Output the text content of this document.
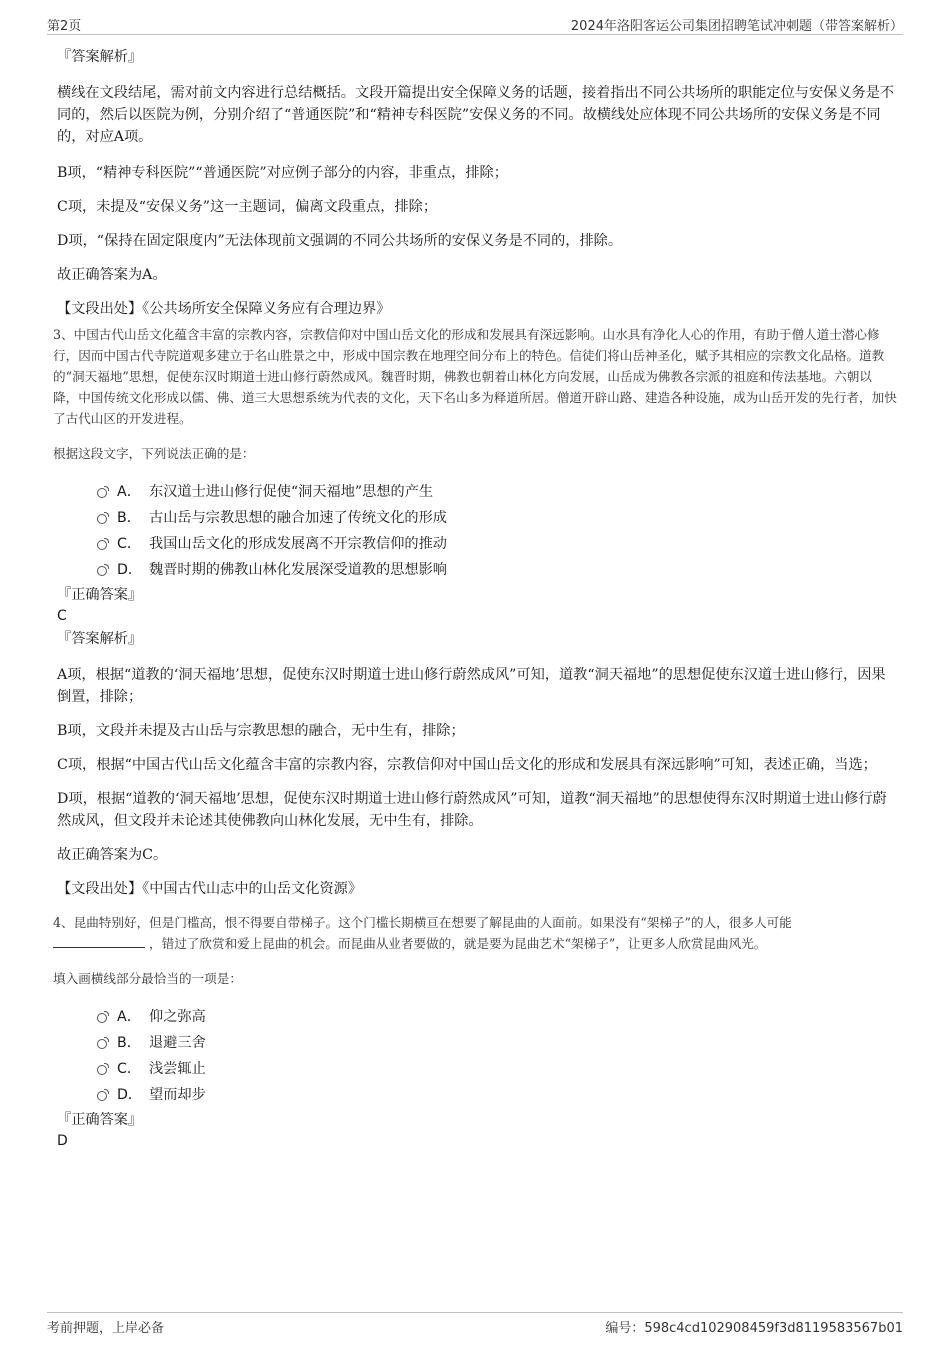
第2页	2024年洛阳客运公司集团招聘笔试冲刺题（带答案解析）
『答案解析』

横线在文段结尾，需对前文内容进行总结概括。文段开篇提出安全保障义务的话题，接着指出不同公共场所的职能定位与安保义务是不同的，然后以医院为例，分别介绍了“普通医院”和“精神专科医院”安保义务的不同。故横线处应体现不同公共场所的安保义务是不同的，对应A项。

B项，“精神专科医院”“普通医院”对应例子部分的内容，非重点，排除；

C项，未提及“安保义务”这一主题词，偏离文段重点，排除；

D项，“保持在固定限度内”无法体现前文强调的不同公共场所的安保义务是不同的，排除。

故正确答案为A。

【文段出处】《公共场所安全保障义务应有合理边界》

3、中国古代山岳文化蕴含丰富的宗教内容，宗教信仰对中国山岳文化的形成和发展具有深远影响。山水具有净化人心的作用，有助于僧人道士潜心修行，因而中国古代寺院道观多建立于名山胜景之中，形成中国宗教在地理空间分布上的特色。信徒们将山岳神圣化，赋予其相应的宗教文化品格。道教的“洞天福地”思想，促使东汉时期道士进山修行蔚然成风。魏晋时期，佛教也朝着山林化方向发展，山岳成为佛教各宗派的祖庭和传法基地。六朝以降，中国传统文化形成以儒、佛、道三大思想系统为代表的文化，天下名山多为释道所居。僧道开辟山路、建造各种设施，成为山岳开发的先行者，加快了古代山区的开发进程。

根据这段文字，下列说法正确的是：

A． 东汉道士进山修行促使“洞天福地”思想的产生
B． 古山岳与宗教思想的融合加速了传统文化的形成
C． 我国山岳文化的形成发展离不开宗教信仰的推动
D． 魏晋时期的佛教山林化发展深受道教的思想影响
『正确答案』

C

『答案解析』

A项，根据“道教的‘洞天福地’思想，促使东汉时期道士进山修行蔚然成风”可知，道教“洞天福地”的思想促使东汉道士进山修行，因果倒置，排除；

B项，文段并未提及古山岳与宗教思想的融合，无中生有，排除；

C项，根据“中国古代山岳文化蕴含丰富的宗教内容，宗教信仰对中国山岳文化的形成和发展具有深远影响”可知，表述正确，当选；

D项，根据“道教的‘洞天福地’思想，促使东汉时期道士进山修行蔚然成风”可知，道教“洞天福地”的思想使得东汉时期道士进山修行蔚然成风，但文段并未论述其使佛教向山林化发展，无中生有，排除。

故正确答案为C。

【文段出处】《中国古代山志中的山岳文化资源》

4、昆曲特别好，但是门槛高，恨不得要自带梯子。这个门槛长期横亘在想要了解昆曲的人面前。如果没有“架梯子”的人，很多人可能
，错过了欣赏和爱上昆曲的机会。而昆曲从业者要做的，就是要为昆曲艺术“架梯子”，让更多人欣赏昆曲风光。

填入画横线部分最恰当的一项是：

A． 仰之弥高
B． 退避三舍
C． 浅尝辄止
D． 望而却步
『正确答案』

D

考前押题，上岸必备	编号：598c4cd102908459f3d8119583567b01
